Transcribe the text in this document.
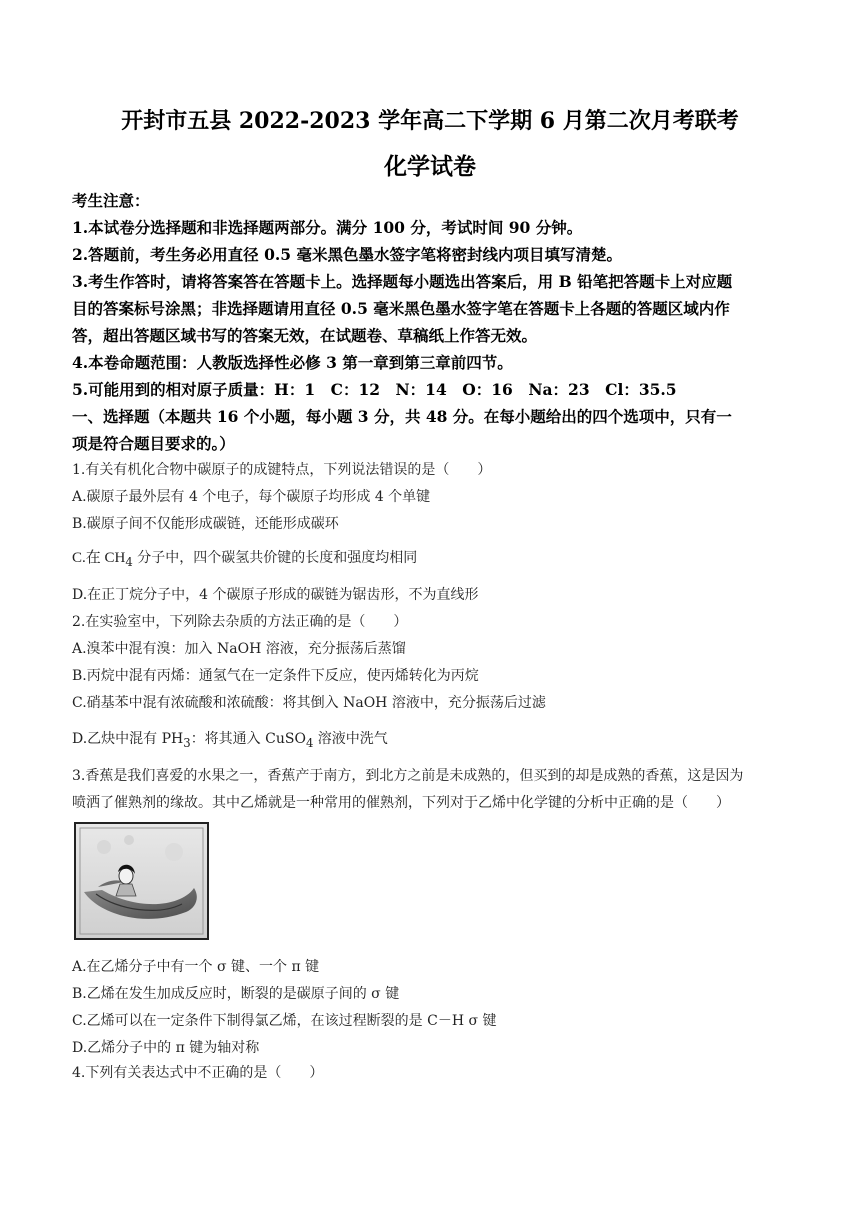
开封市五县 2022-2023 学年高二下学期 6 月第二次月考联考
化学试卷
考生注意：
1.本试卷分选择题和非选择题两部分。满分 100 分，考试时间 90 分钟。
2.答题前，考生务必用直径 0.5 毫米黑色墨水签字笔将密封线内项目填写清楚。
3.考生作答时，请将答案答在答题卡上。选择题每小题选出答案后，用 B 铅笔把答题卡上对应题
目的答案标号涂黑；非选择题请用直径 0.5 毫米黑色墨水签字笔在答题卡上各题的答题区域内作
答，超出答题区域书写的答案无效，在试题卷、草稿纸上作答无效。
4.本卷命题范围：人教版选择性必修 3 第一章到第三章前四节。
5.可能用到的相对原子质量：H：1　C：12　N：14　O：16　Na：23　Cl：35.5
一、选择题（本题共 16 个小题，每小题 3 分，共 48 分。在每小题给出的四个选项中，只有一
项是符合题目要求的。）
1.有关有机化合物中碳原子的成键特点，下列说法错误的是（　　）
A.碳原子最外层有 4 个电子，每个碳原子均形成 4 个单键
B.碳原子间不仅能形成碳链，还能形成碳环
C.在 $CH_4$ 分子中，四个碳氢共价键的长度和强度均相同
D.在正丁烷分子中，4 个碳原子形成的碳链为锯齿形，不为直线形
2.在实验室中，下列除去杂质的方法正确的是（　　）
A.溴苯中混有溴：加入 NaOH 溶液，充分振荡后蒸馏
B.丙烷中混有丙烯：通氢气在一定条件下反应，使丙烯转化为丙烷
C.硝基苯中混有浓硫酸和浓硫酸：将其倒入 NaOH 溶液中，充分振荡后过滤
D.乙炔中混有 $PH_3$：将其通入 CuSO$_4$ 溶液中洗气
3.香蕉是我们喜爱的水果之一，香蕉产于南方，到北方之前是未成熟的，但买到的却是成熟的香蕉，这是因为
喷洒了催熟剂的缘故。其中乙烯就是一种常用的催熟剂，下列对于乙烯中化学键的分析中正确的是（　　）
A.在乙烯分子中有一个 σ 键、一个 π 键
B.乙烯在发生加成反应时，断裂的是碳原子间的 σ 键
C.乙烯可以在一定条件下制得氯乙烯，在该过程断裂的是 C－H σ 键
D.乙烯分子中的 π 键为轴对称
4.下列有关表达式中不正确的是（　　）
